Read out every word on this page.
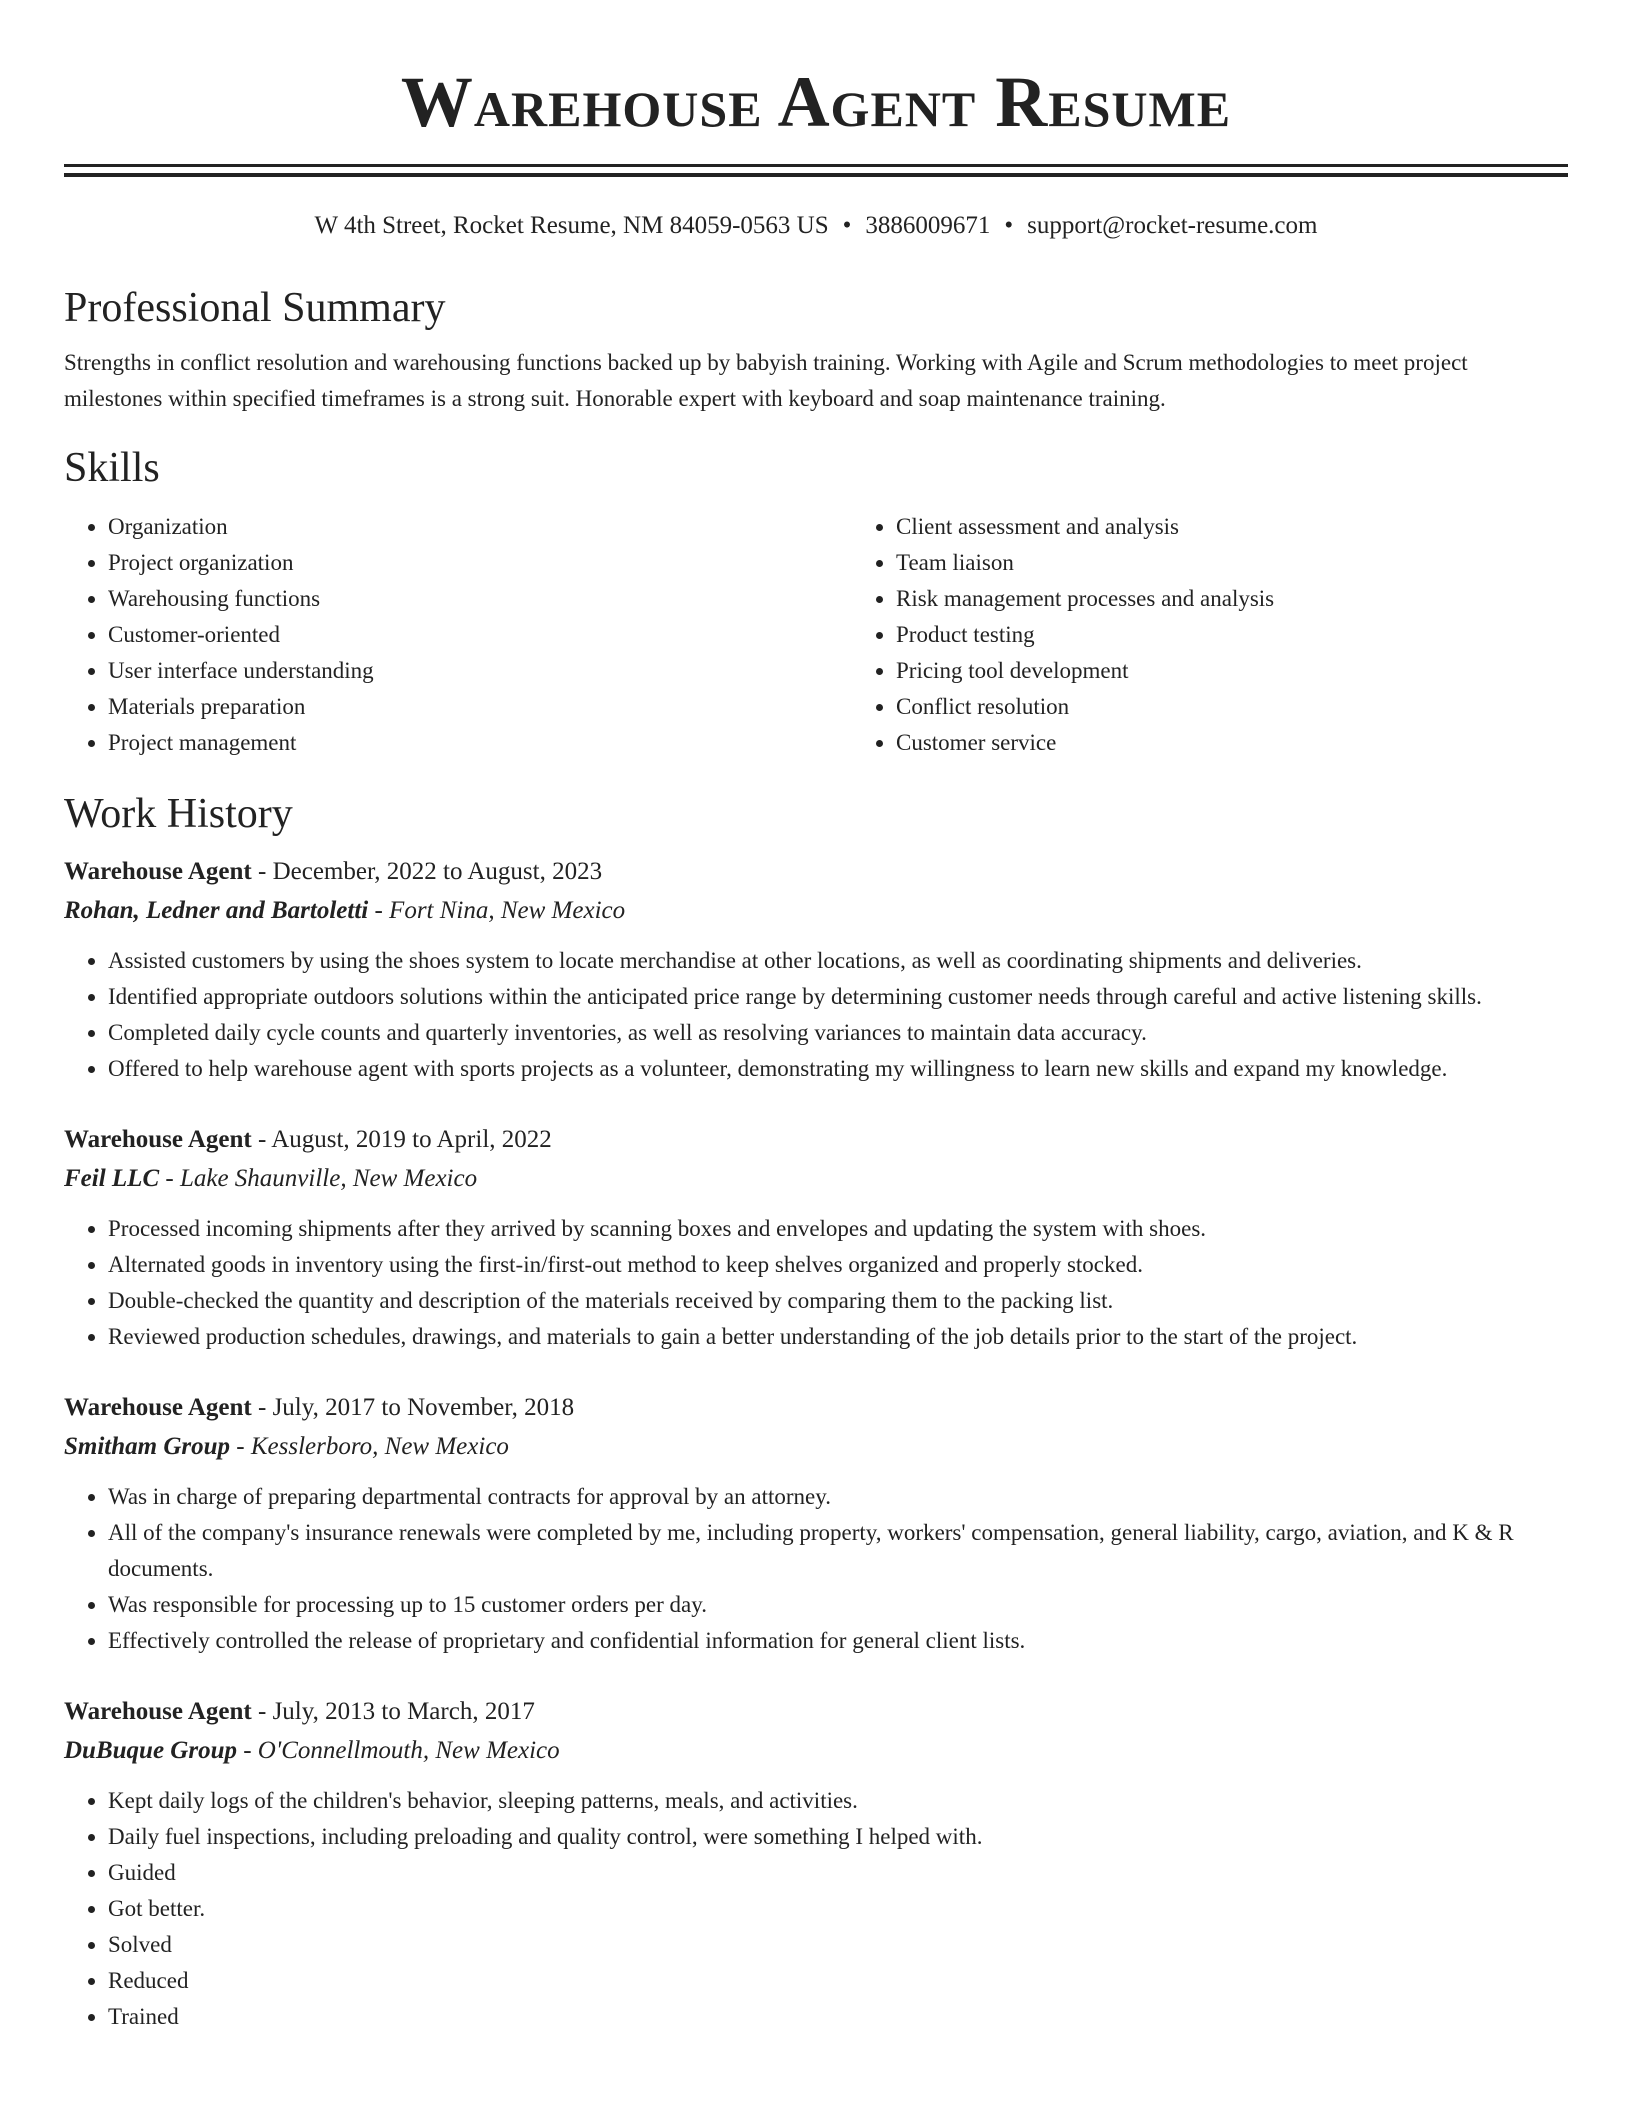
Warehouse Agent Resume
W 4th Street, Rocket Resume, NM 84059-0563 US • 3886009671 • support@rocket-resume.com
Professional Summary

Strengths in conflict resolution and warehousing functions backed up by babyish training. Working with Agile and Scrum methodologies to meet project milestones within specified timeframes is a strong suit. Honorable expert with keyboard and soap maintenance training.

Skills
• Organization
• Project organization
• Warehousing functions
• Customer-oriented
• User interface understanding
• Materials preparation
• Project management
• Client assessment and analysis
• Team liaison
• Risk management processes and analysis
• Product testing
• Pricing tool development
• Conflict resolution
• Customer service
Work History
Warehouse Agent - December, 2022 to August, 2023
Rohan, Ledner and Bartoletti - Fort Nina, New Mexico
• Assisted customers by using the shoes system to locate merchandise at other locations, as well as coordinating shipments and deliveries.
• Identified appropriate outdoors solutions within the anticipated price range by determining customer needs through careful and active listening skills.
• Completed daily cycle counts and quarterly inventories, as well as resolving variances to maintain data accuracy.
• Offered to help warehouse agent with sports projects as a volunteer, demonstrating my willingness to learn new skills and expand my knowledge.
Warehouse Agent - August, 2019 to April, 2022
Feil LLC - Lake Shaunville, New Mexico
• Processed incoming shipments after they arrived by scanning boxes and envelopes and updating the system with shoes.
• Alternated goods in inventory using the first-in/first-out method to keep shelves organized and properly stocked.
• Double-checked the quantity and description of the materials received by comparing them to the packing list.
• Reviewed production schedules, drawings, and materials to gain a better understanding of the job details prior to the start of the project.
Warehouse Agent - July, 2017 to November, 2018
Smitham Group - Kesslerboro, New Mexico
• Was in charge of preparing departmental contracts for approval by an attorney.
• All of the company's insurance renewals were completed by me, including property, workers' compensation, general liability, cargo, aviation, and K & R documents.
• Was responsible for processing up to 15 customer orders per day.
• Effectively controlled the release of proprietary and confidential information for general client lists.
Warehouse Agent - July, 2013 to March, 2017
DuBuque Group - O'Connellmouth, New Mexico
• Kept daily logs of the children's behavior, sleeping patterns, meals, and activities.
• Daily fuel inspections, including preloading and quality control, were something I helped with.
• Guided
• Got better.
• Solved
• Reduced
• Trained
